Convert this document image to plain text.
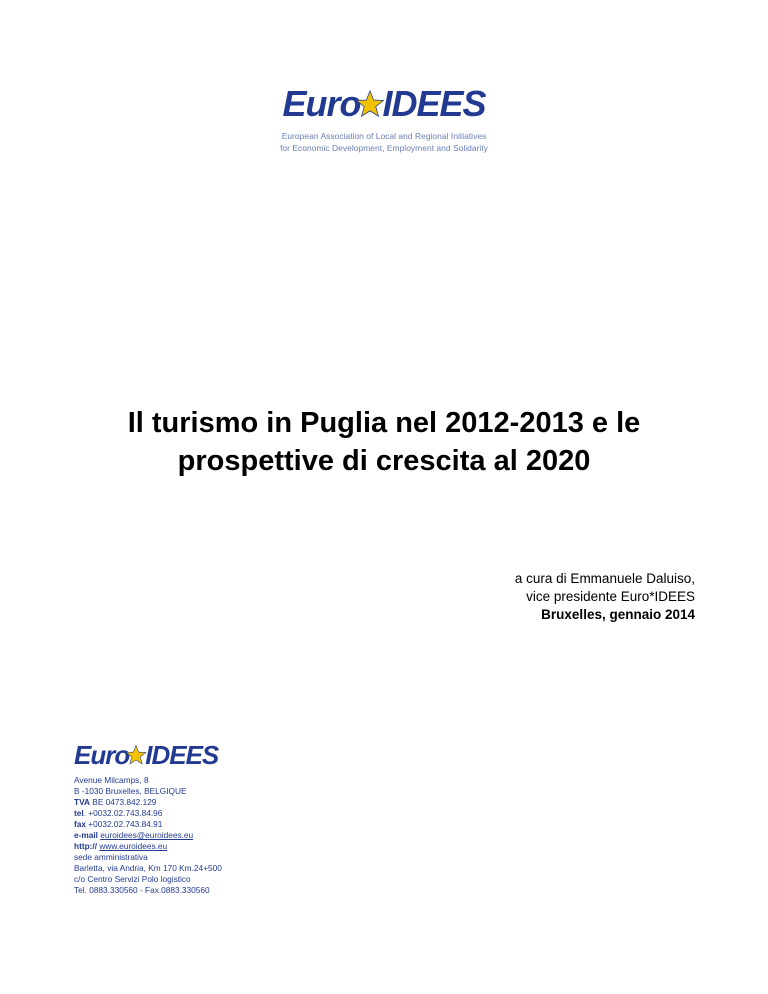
Euro IDEES
European Association of Local and Regional Initiatives
for Economic Development, Employment and Solidarity
Il turismo in Puglia nel 2012-2013 e le
prospettive di crescita al 2020
a cura di Emmanuele Daluiso,
vice presidente Euro*IDEES
Bruxelles, gennaio 2014
Euro IDEES
Avenue Milcamps, 8
B -1030 Bruxelles, BELGIQUE
TVA BE 0473.842.129
tel. +0032.02.743.84.96
fax +0032.02.743.84.91
e-mail euroidees@euroidees.eu
http:// www.euroidees.eu
sede amministrativa
Barletta, via Andria, Km 170 Km.24+500
c/o Centro Servizi Polo logistico
Tel. 0883.330560 - Fax.0883.330560
